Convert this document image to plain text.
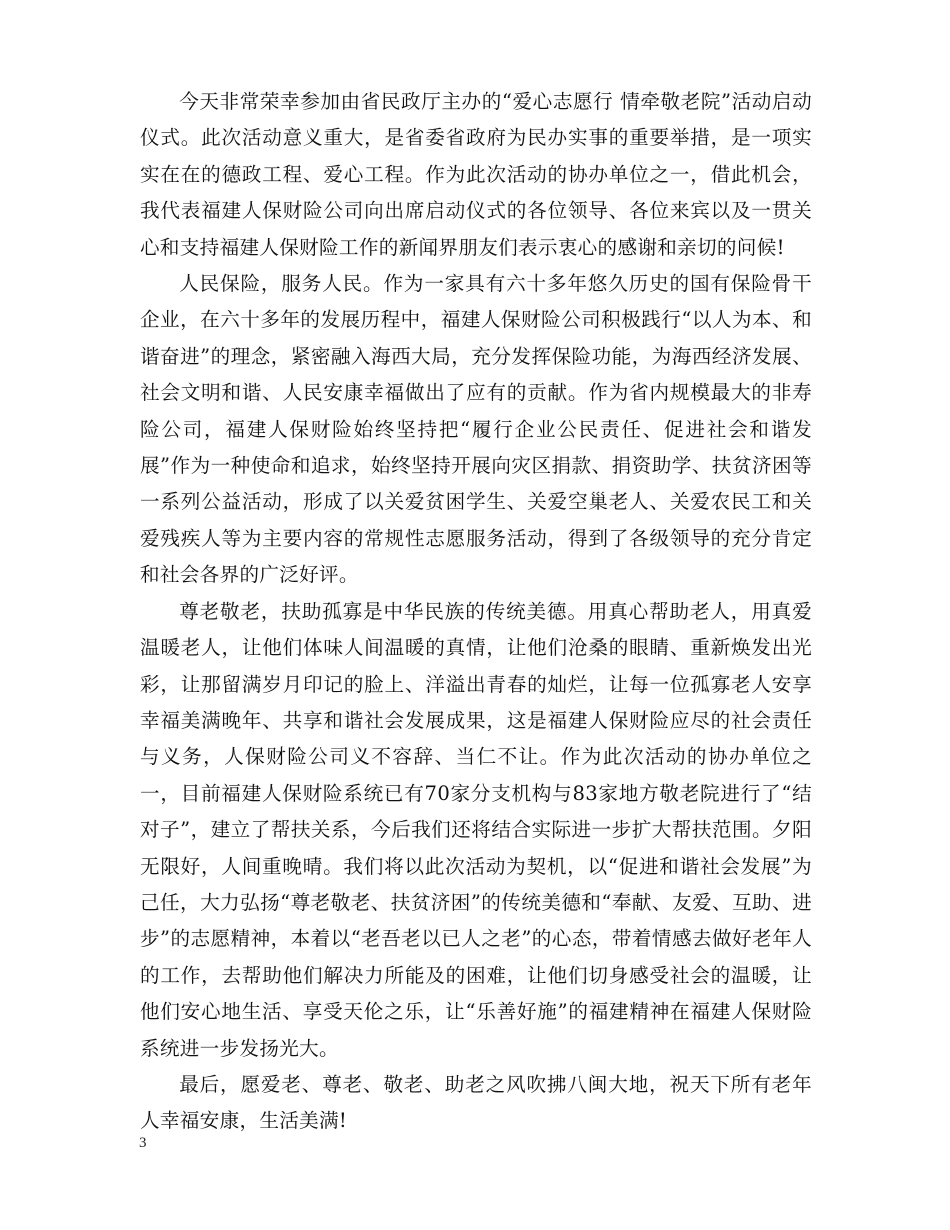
今天非常荣幸参加由省民政厅主办的“爱心志愿行 情牵敬老院”活动启动仪式。此次活动意义重大，是省委省政府为民办实事的重要举措，是一项实实在在的德政工程、爱心工程。作为此次活动的协办单位之一，借此机会，我代表福建人保财险公司向出席启动仪式的各位领导、各位来宾以及一贯关心和支持福建人保财险工作的新闻界朋友们表示衷心的感谢和亲切的问候!

人民保险，服务人民。作为一家具有六十多年悠久历史的国有保险骨干企业，在六十多年的发展历程中，福建人保财险公司积极践行“以人为本、和谐奋进”的理念，紧密融入海西大局，充分发挥保险功能，为海西经济发展、社会文明和谐、人民安康幸福做出了应有的贡献。作为省内规模最大的非寿险公司，福建人保财险始终坚持把“履行企业公民责任、促进社会和谐发展”作为一种使命和追求，始终坚持开展向灾区捐款、捐资助学、扶贫济困等一系列公益活动，形成了以关爱贫困学生、关爱空巢老人、关爱农民工和关爱残疾人等为主要内容的常规性志愿服务活动，得到了各级领导的充分肯定和社会各界的广泛好评。

尊老敬老，扶助孤寡是中华民族的传统美德。用真心帮助老人，用真爱温暖老人，让他们体味人间温暖的真情，让他们沧桑的眼睛、重新焕发出光彩，让那留满岁月印记的脸上、洋溢出青春的灿烂，让每一位孤寡老人安享幸福美满晚年、共享和谐社会发展成果，这是福建人保财险应尽的社会责任与义务，人保财险公司义不容辞、当仁不让。作为此次活动的协办单位之一，目前福建人保财险系统已有70家分支机构与83家地方敬老院进行了“结对子”，建立了帮扶关系，今后我们还将结合实际进一步扩大帮扶范围。夕阳无限好，人间重晚晴。我们将以此次活动为契机，以“促进和谐社会发展”为己任，大力弘扬“尊老敬老、扶贫济困”的传统美德和“奉献、友爱、互助、进步”的志愿精神，本着以“老吾老以已人之老”的心态，带着情感去做好老年人的工作，去帮助他们解决力所能及的困难，让他们切身感受社会的温暖，让他们安心地生活、享受天伦之乐，让“乐善好施”的福建精神在福建人保财险系统进一步发扬光大。

最后，愿爱老、尊老、敬老、助老之风吹拂八闽大地，祝天下所有老年人幸福安康，生活美满!

3
